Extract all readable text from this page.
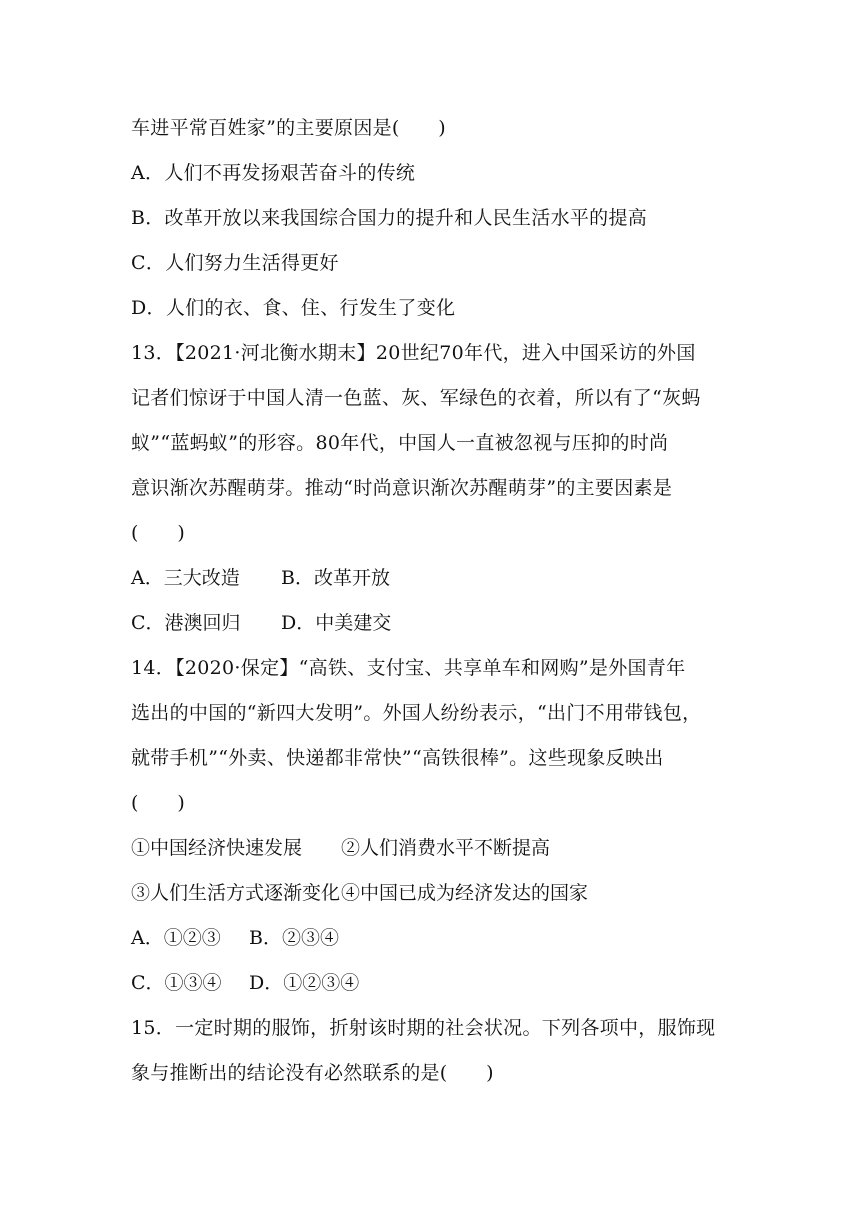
车进平常百姓家”的主要原因是(　　)
A．人们不再发扬艰苦奋斗的传统
B．改革开放以来我国综合国力的提升和人民生活水平的提高
C．人们努力生活得更好
D．人们的衣、食、住、行发生了变化
13．【2021·河北衡水期末】20世纪70年代，进入中国采访的外国
记者们惊讶于中国人清一色蓝、灰、军绿色的衣着，所以有了“灰蚂
蚁”“蓝蚂蚁”的形容。80年代，中国人一直被忽视与压抑的时尚
意识渐次苏醒萌芽。推动“时尚意识渐次苏醒萌芽”的主要因素是
(　　)
A．三大改造 B．改革开放
C．港澳回归 D．中美建交
14．【2020·保定】“高铁、支付宝、共享单车和网购”是外国青年
选出的中国的“新四大发明”。外国人纷纷表示，“出门不用带钱包，
就带手机”“外卖、快递都非常快”“高铁很棒”。这些现象反映出
(　　)
①中国经济快速发展 ②人们消费水平不断提高
③人们生活方式逐渐变化④中国已成为经济发达的国家
A．①②③ B．②③④
C．①③④ D．①②③④
15．一定时期的服饰，折射该时期的社会状况。下列各项中，服饰现
象与推断出的结论没有必然联系的是(　　)
